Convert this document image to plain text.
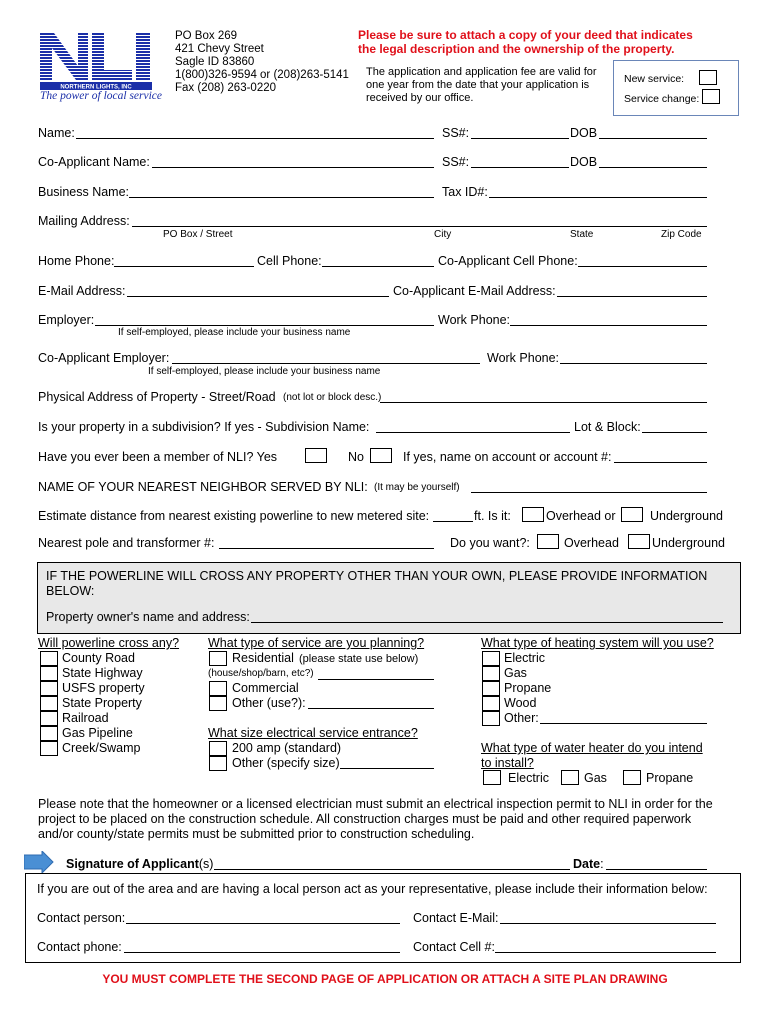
NORTHERN LIGHTS, INC
The power of local service
PO Box 269
421 Chevy Street
Sagle ID 83860
1(800)326-9594 or (208)263-5141
Fax (208) 263-0220
Please be sure to attach a copy of your deed that indicates
the legal description and the ownership of the property.
The application and application fee are valid for
one year from the date that your application is
received by our office.
New service:
Service change:
Name:	SS#:	DOB
Co-Applicant Name:	SS#:	DOB
Business Name:	Tax ID#:
Mailing Address:
PO Box / Street	City	State	Zip Code
Home Phone:	Cell Phone:	Co-Applicant Cell Phone:
E-Mail Address:	Co-Applicant E-Mail Address:
Employer:	Work Phone:
If self-employed, please include your business name
Co-Applicant Employer:	Work Phone:
If self-employed, please include your business name
Physical Address of Property - Street/Road (not lot or block desc.)
Is your property in a subdivision? If yes - Subdivision Name:	Lot & Block:
Have you ever been a member of NLI? Yes	No	If yes, name on account or account #:
NAME OF YOUR NEAREST NEIGHBOR SERVED BY NLI: (It may be yourself)
Estimate distance from nearest existing powerline to new metered site:	ft. Is it:	Overhead or	Underground
Nearest pole and transformer #:	Do you want?:	Overhead	Underground
IF THE POWERLINE WILL CROSS ANY PROPERTY OTHER THAN YOUR OWN, PLEASE PROVIDE INFORMATION
BELOW:
Property owner's name and address:
Will powerline cross any?
County Road
State Highway
USFS property
State Property
Railroad
Gas Pipeline
Creek/Swamp
What type of service are you planning?
Residential (please state use below)
(house/shop/barn, etc?)
Commercial
Other (use?):
What size electrical service entrance?
200 amp (standard)
Other (specify size)
What type of heating system will you use?
Electric
Gas
Propane
Wood
Other:
What type of water heater do you intend
to install?
Electric	Gas	Propane
Please note that the homeowner or a licensed electrician must submit an electrical inspection permit to NLI in order for the
project to be placed on the construction schedule. All construction charges must be paid and other required paperwork
and/or county/state permits must be submitted prior to construction scheduling.
Signature of Applicant(s)	Date:
If you are out of the area and are having a local person act as your representative, please include their information below:
Contact person:	Contact E-Mail:
Contact phone:	Contact Cell #:
YOU MUST COMPLETE THE SECOND PAGE OF APPLICATION OR ATTACH A SITE PLAN DRAWING
